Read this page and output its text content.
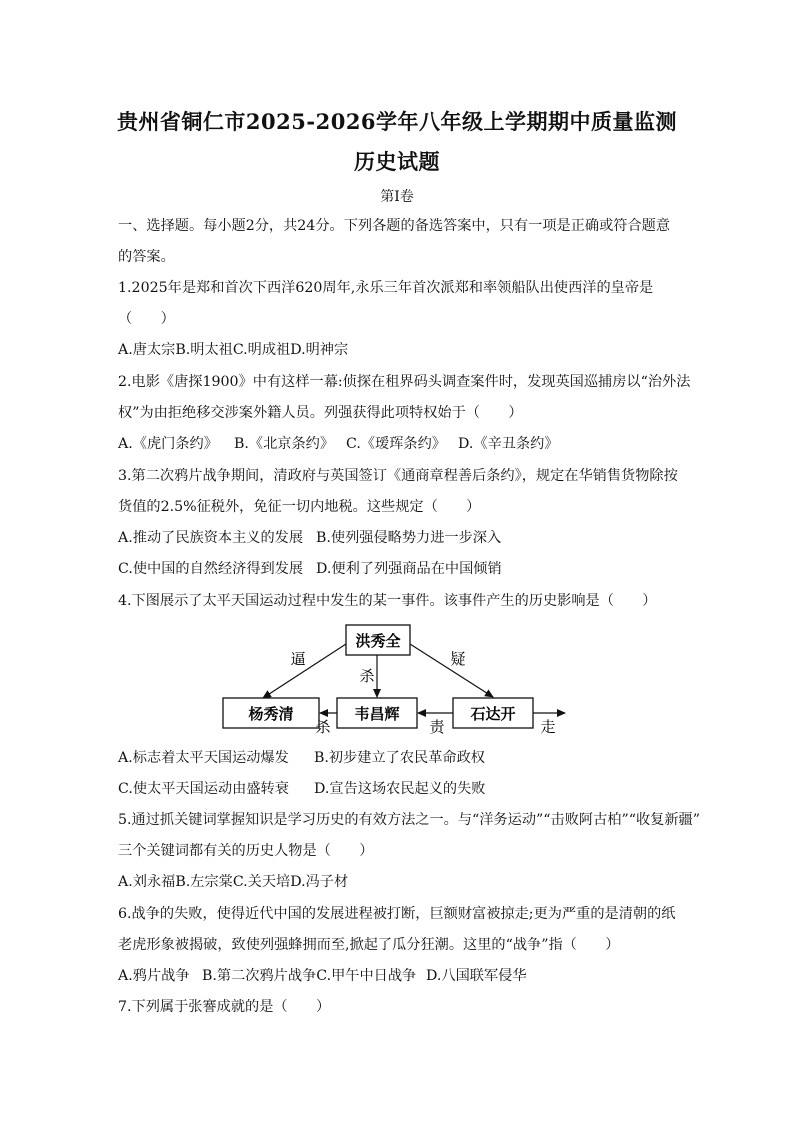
贵州省铜仁市2025-2026学年八年级上学期期中质量监测
历史试题
第Ⅰ卷
一、选择题。每小题2分，共24分。下列各题的备选答案中，只有一项是正确或符合题意
的答案。
1.2025年是郑和首次下西洋620周年,永乐三年首次派郑和率领船队出使西洋的皇帝是
（　　）
A.唐太宗B.明太祖C.明成祖D.明神宗
2.电影《唐探1900》中有这样一幕:侦探在租界码头调查案件时，发现英国巡捕房以“治外法
权”为由拒绝移交涉案外籍人员。列强获得此项特权始于（　　）
A.《虎门条约》 B.《北京条约》 C.《瑷珲条约》 D.《辛丑条约》
3.第二次鸦片战争期间，清政府与英国签订《通商章程善后条约》，规定在华销售货物除按
货值的2.5%征税外，免征一切内地税。这些规定（　　）
A.推动了民族资本主义的发展 B.使列强侵略势力进一步深入
C.使中国的自然经济得到发展 D.便利了列强商品在中国倾销
4.下图展示了太平天国运动过程中发生的某一事件。该事件产生的历史影响是（　　）
洪秀全
杨秀清	韦昌辉	石达开
逼	疑
杀
杀	责	走
A.标志着太平天国运动爆发 B.初步建立了农民革命政权
C.使太平天国运动由盛转衰 D.宣告这场农民起义的失败
5.通过抓关键词掌握知识是学习历史的有效方法之一。与“洋务运动”“击败阿古柏”“收复新疆”
三个关键词都有关的历史人物是（　　）
A.刘永福B.左宗棠C.关天培D.冯子材
6.战争的失败，使得近代中国的发展进程被打断，巨额财富被掠走;更为严重的是清朝的纸
老虎形象被揭破，致使列强蜂拥而至,掀起了瓜分狂潮。这里的“战争”指（　　）
A.鸦片战争 B.第二次鸦片战争C.甲午中日战争 D.八国联军侵华
7.下列属于张謇成就的是（　　）
